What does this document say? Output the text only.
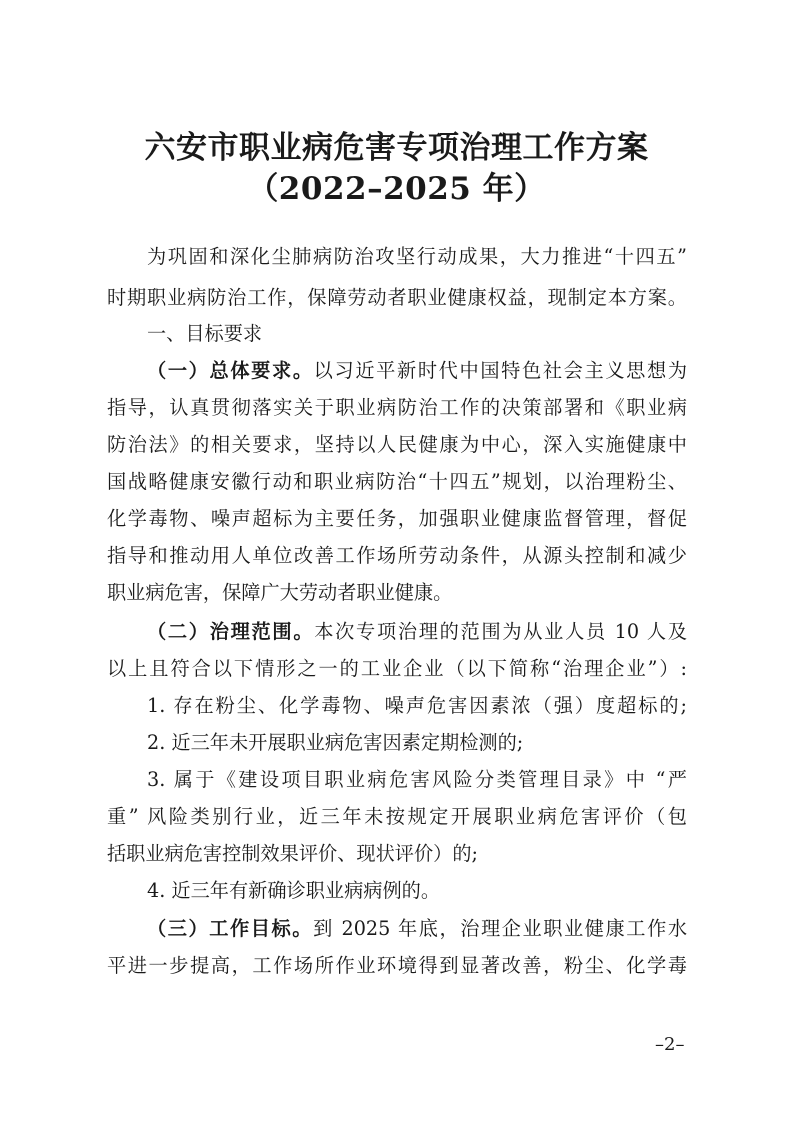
六安市职业病危害专项治理工作方案
（2022–2025 年）
为巩固和深化尘肺病防治攻坚行动成果，大力推进“十四五”
时期职业病防治工作，保障劳动者职业健康权益，现制定本方案。
一、目标要求
（一）总体要求。以习近平新时代中国特色社会主义思想为
指导，认真贯彻落实关于职业病防治工作的决策部署和《职业病
防治法》的相关要求，坚持以人民健康为中心，深入实施健康中
国战略健康安徽行动和职业病防治“十四五”规划，以治理粉尘、
化学毒物、噪声超标为主要任务，加强职业健康监督管理，督促
指导和推动用人单位改善工作场所劳动条件，从源头控制和减少
职业病危害，保障广大劳动者职业健康。
（二）治理范围。本次专项治理的范围为从业人员 10 人及
以上且符合以下情形之一的工业企业（以下简称“治理企业”）:
1. 存在粉尘、化学毒物、噪声危害因素浓（强）度超标的;
2. 近三年未开展职业病危害因素定期检测的;
3. 属于《建设项目职业病危害风险分类管理目录》中 “严
重” 风险类别行业，近三年未按规定开展职业病危害评价（包
括职业病危害控制效果评价、现状评价）的;
4. 近三年有新确诊职业病病例的。
（三）工作目标。到 2025 年底，治理企业职业健康工作水
平进一步提高，工作场所作业环境得到显著改善，粉尘、化学毒
–2–
